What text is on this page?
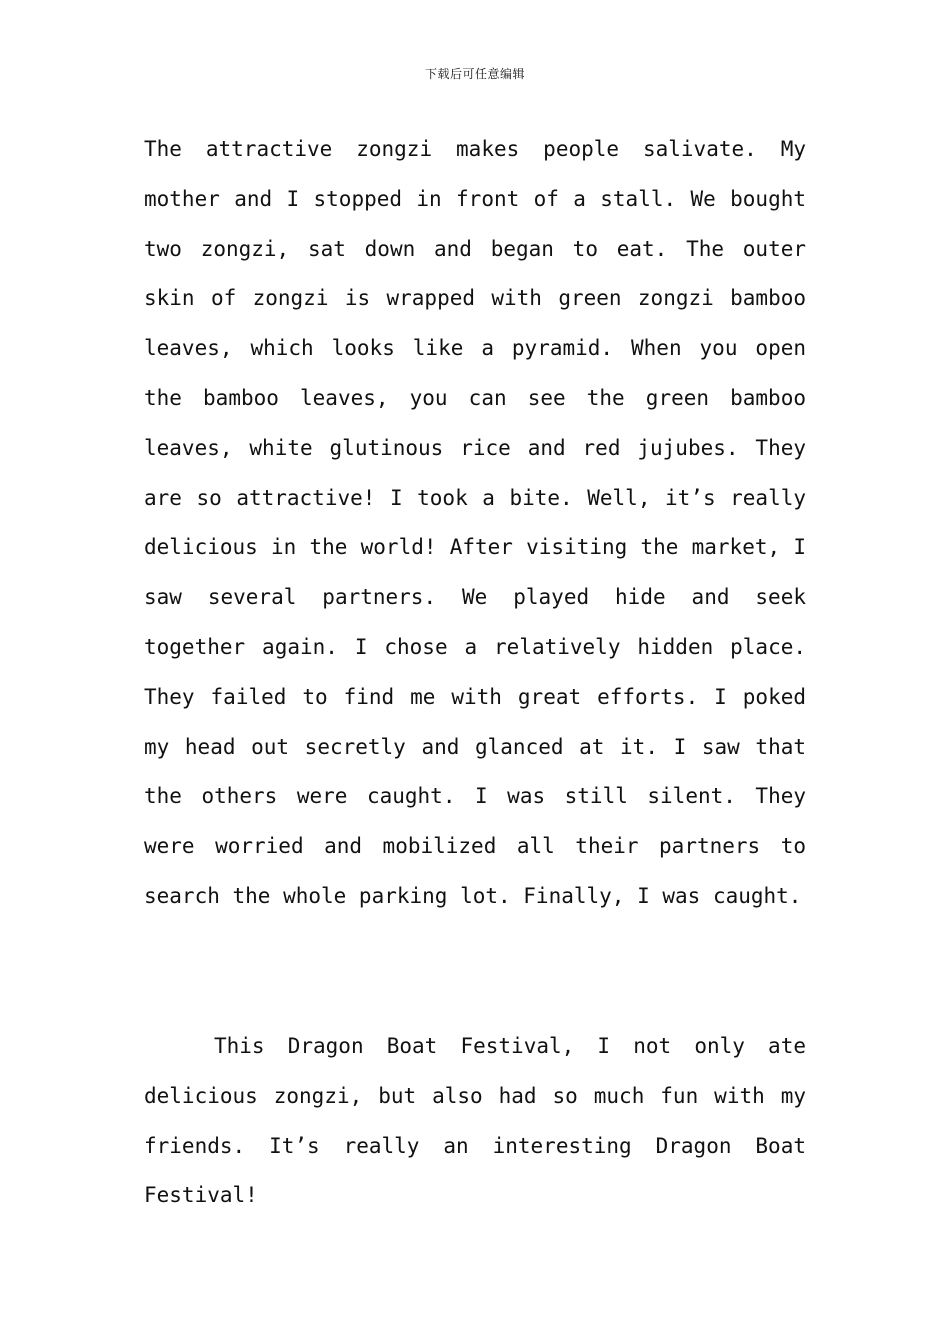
下载后可任意编辑

The attractive zongzi makes people salivate. My mother and I stopped in front of a stall. We bought two zongzi, sat down and began to eat. The outer skin of zongzi is wrapped with green zongzi bamboo leaves, which looks like a pyramid. When you open the bamboo leaves, you can see the green bamboo leaves, white glutinous rice and red jujubes. They are so attractive! I took a bite. Well, it’s really delicious in the world! After visiting the market, I saw several partners. We played hide and seek together again. I chose a relatively hidden place. They failed to find me with great efforts. I poked my head out secretly and glanced at it. I saw that the others were caught. I was still silent. They were worried and mobilized all their partners to search the whole parking lot. Finally, I was caught.

This Dragon Boat Festival, I not only ate delicious zongzi, but also had so much fun with my friends. It’s really an interesting Dragon Boat Festival!
